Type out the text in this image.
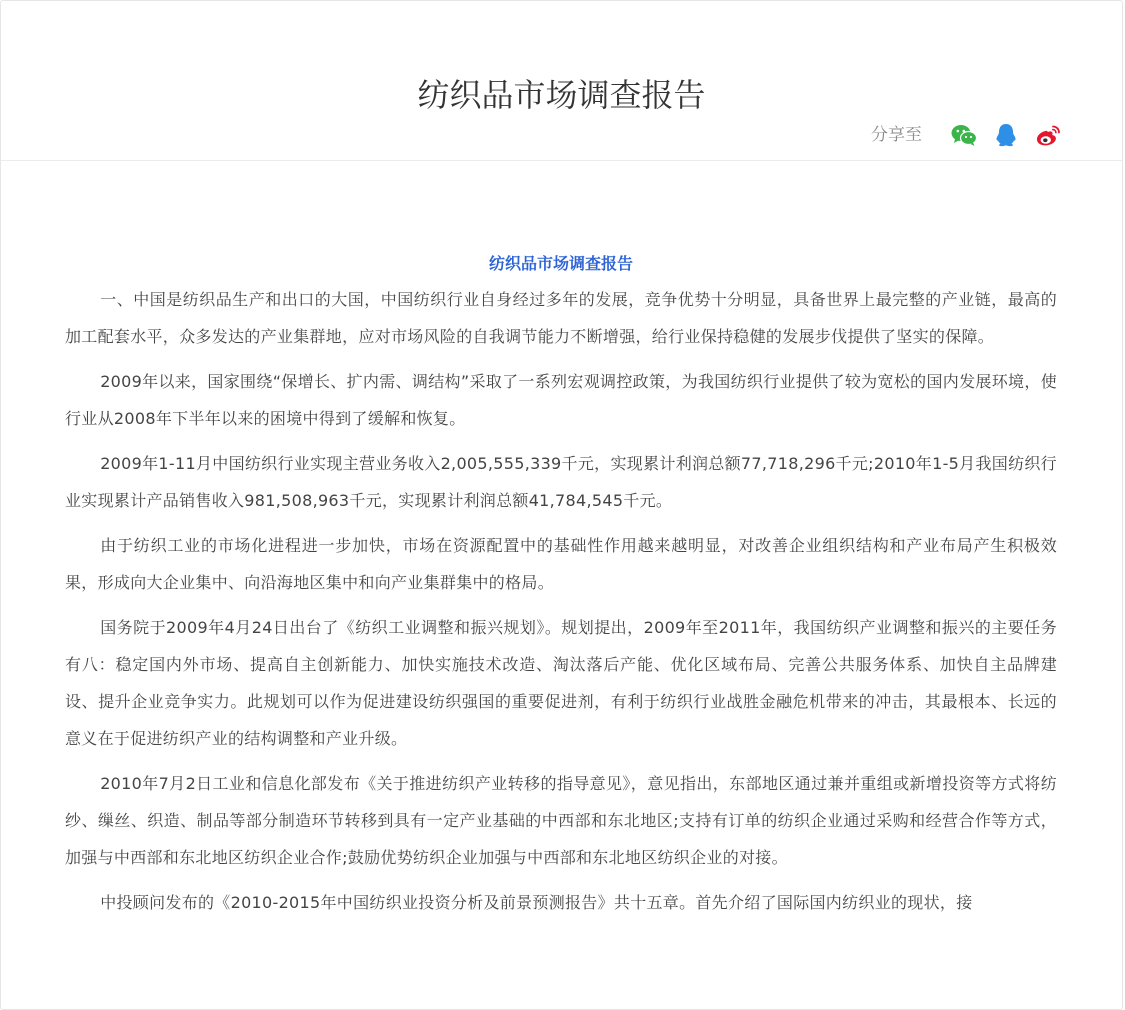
纺织品市场调查报告
分享至
纺织品市场调查报告

一、中国是纺织品生产和出口的大国，中国纺织行业自身经过多年的发展，竞争优势十分明显，具备世界上最完整的产业链，最高的加工配套水平，众多发达的产业集群地，应对市场风险的自我调节能力不断增强，给行业保持稳健的发展步伐提供了坚实的保障。

2009年以来，国家围绕“保增长、扩内需、调结构”采取了一系列宏观调控政策，为我国纺织行业提供了较为宽松的国内发展环境，使行业从2008年下半年以来的困境中得到了缓解和恢复。

2009年1-11月中国纺织行业实现主营业务收入2,005,555,339千元，实现累计利润总额77,718,296千元;2010年1-5月我国纺织行业实现累计产品销售收入981,508,963千元，实现累计利润总额41,784,545千元。

由于纺织工业的市场化进程进一步加快，市场在资源配置中的基础性作用越来越明显，对改善企业组织结构和产业布局产生积极效果，形成向大企业集中、向沿海地区集中和向产业集群集中的格局。

国务院于2009年4月24日出台了《纺织工业调整和振兴规划》。规划提出，2009年至2011年，我国纺织产业调整和振兴的主要任务有八：稳定国内外市场、提高自主创新能力、加快实施技术改造、淘汰落后产能、优化区域布局、完善公共服务体系、加快自主品牌建设、提升企业竞争实力。此规划可以作为促进建设纺织强国的重要促进剂，有利于纺织行业战胜金融危机带来的冲击，其最根本、长远的意义在于促进纺织产业的结构调整和产业升级。

2010年7月2日工业和信息化部发布《关于推进纺织产业转移的指导意见》，意见指出，东部地区通过兼并重组或新增投资等方式将纺纱、缫丝、织造、制品等部分制造环节转移到具有一定产业基础的中西部和东北地区;支持有订单的纺织企业通过采购和经营合作等方式，加强与中西部和东北地区纺织企业合作;鼓励优势纺织企业加强与中西部和东北地区纺织企业的对接。

中投顾问发布的《2010-2015年中国纺织业投资分析及前景预测报告》共十五章。首先介绍了国际国内纺织业的现状，接
